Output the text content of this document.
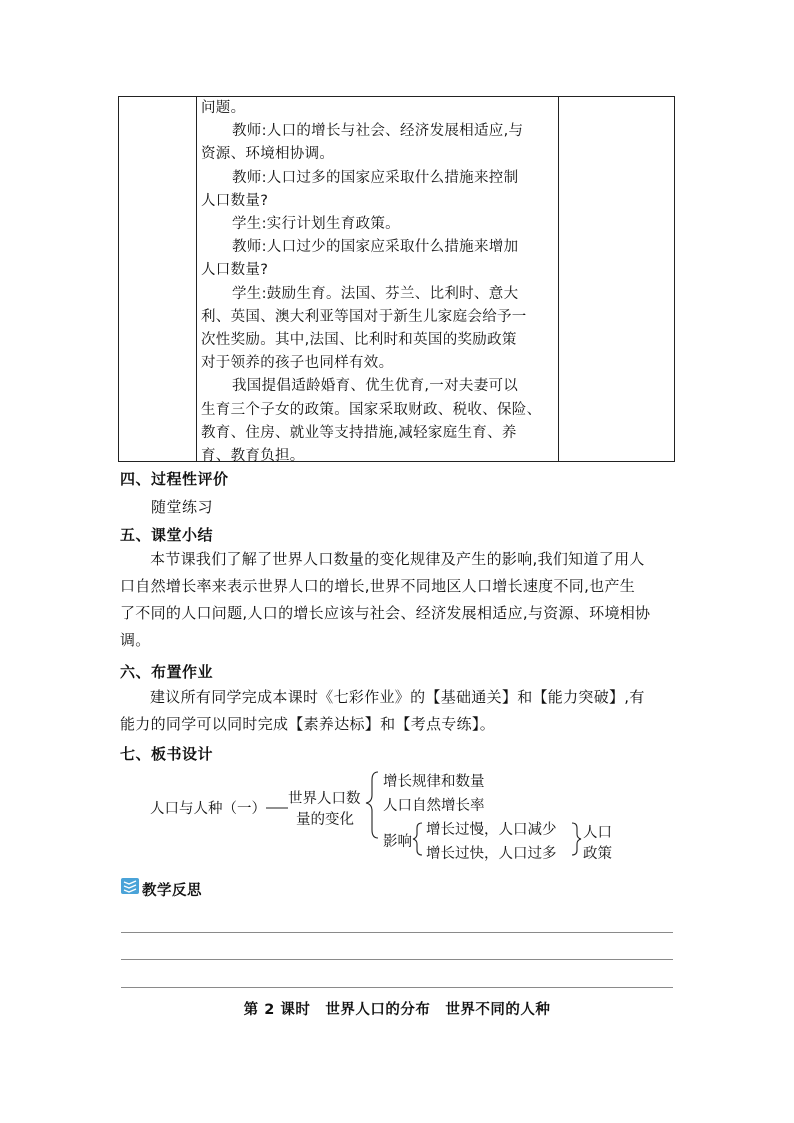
问题。
教师:人口的增长与社会、经济发展相适应,与
资源、环境相协调。
教师:人口过多的国家应采取什么措施来控制
人口数量?
学生:实行计划生育政策。
教师:人口过少的国家应采取什么措施来增加
人口数量?
学生:鼓励生育。法国、芬兰、比利时、意大
利、英国、澳大利亚等国对于新生儿家庭会给予一
次性奖励。其中,法国、比利时和英国的奖励政策
对于领养的孩子也同样有效。
我国提倡适龄婚育、优生优育,一对夫妻可以
生育三个子女的政策。国家采取财政、税收、保险、
教育、住房、就业等支持措施,减轻家庭生育、养
育、教育负担。
四、过程性评价
随堂练习
五、课堂小结
本节课我们了解了世界人口数量的变化规律及产生的影响,我们知道了用人
口自然增长率来表示世界人口的增长,世界不同地区人口增长速度不同,也产生
了不同的人口问题,人口的增长应该与社会、经济发展相适应,与资源、环境相协
调。
六、布置作业
建议所有同学完成本课时《七彩作业》的【基础通关】和【能力突破】,有
能力的同学可以同时完成【素养达标】和【考点专练】。
七、板书设计
人口与人种（一）
世界人口数
量的变化
增长规律和数量
人口自然增长率
影响
增长过慢，人口减少
增长过快，人口过多
人口
政策
教学反思
第 2 课时　世界人口的分布　世界不同的人种
